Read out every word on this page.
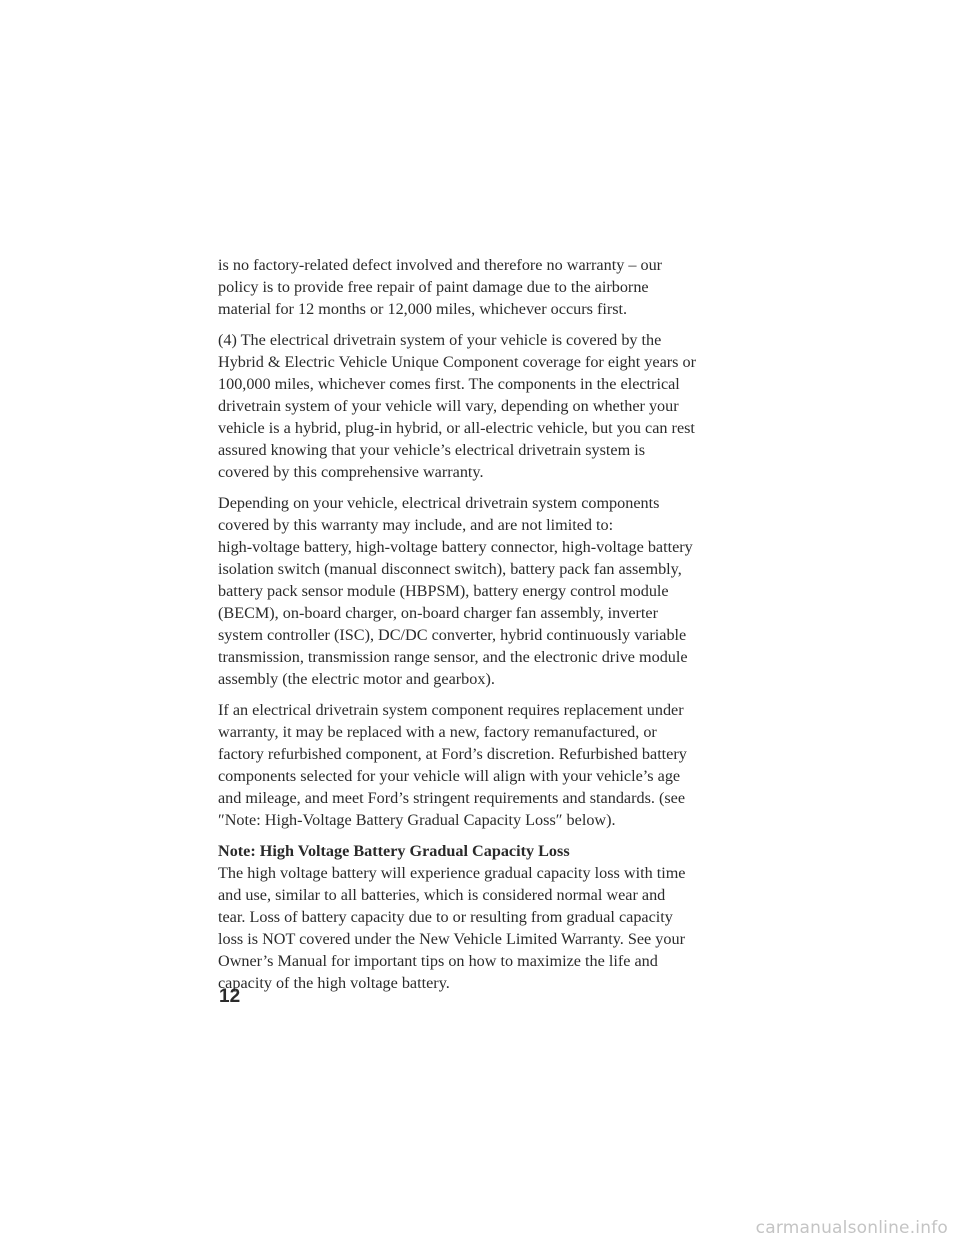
is no factory-related defect involved and therefore no warranty – our
policy is to provide free repair of paint damage due to the airborne
material for 12 months or 12,000 miles, whichever occurs first.
(4) The electrical drivetrain system of your vehicle is covered by the
Hybrid & Electric Vehicle Unique Component coverage for eight years or
100,000 miles, whichever comes first. The components in the electrical
drivetrain system of your vehicle will vary, depending on whether your
vehicle is a hybrid, plug-in hybrid, or all-electric vehicle, but you can rest
assured knowing that your vehicle’s electrical drivetrain system is
covered by this comprehensive warranty.
Depending on your vehicle, electrical drivetrain system components
covered by this warranty may include, and are not limited to:
high-voltage battery, high-voltage battery connector, high-voltage battery
isolation switch (manual disconnect switch), battery pack fan assembly,
battery pack sensor module (HBPSM), battery energy control module
(BECM), on-board charger, on-board charger fan assembly, inverter
system controller (ISC), DC/DC converter, hybrid continuously variable
transmission, transmission range sensor, and the electronic drive module
assembly (the electric motor and gearbox).
If an electrical drivetrain system component requires replacement under
warranty, it may be replaced with a new, factory remanufactured, or
factory refurbished component, at Ford’s discretion. Refurbished battery
components selected for your vehicle will align with your vehicle’s age
and mileage, and meet Ford’s stringent requirements and standards. (see
″Note: High-Voltage Battery Gradual Capacity Loss″ below).
Note: High Voltage Battery Gradual Capacity Loss
The high voltage battery will experience gradual capacity loss with time
and use, similar to all batteries, which is considered normal wear and
tear. Loss of battery capacity due to or resulting from gradual capacity
loss is NOT covered under the New Vehicle Limited Warranty. See your
Owner’s Manual for important tips on how to maximize the life and
capacity of the high voltage battery.
12
carmanualsonline.info
